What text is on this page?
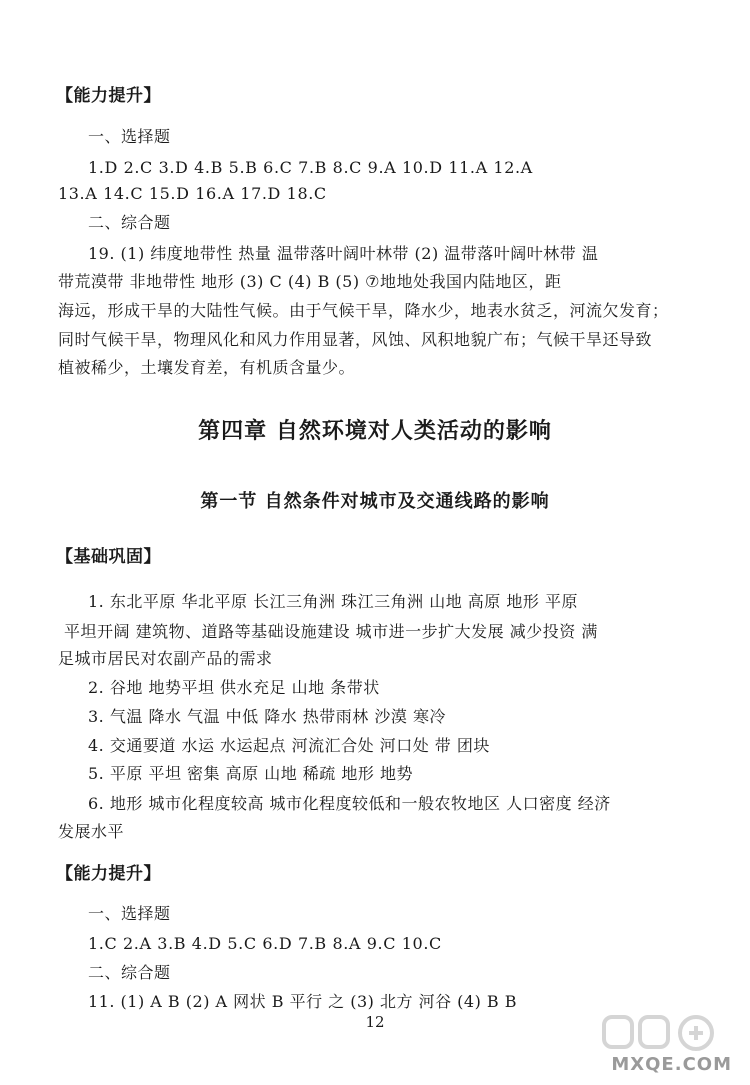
【能力提升】
一、选择题
1.D 2.C 3.D 4.B 5.B 6.C 7.B 8.C 9.A 10.D 11.A 12.A
13.A 14.C 15.D 16.A 17.D 18.C
二、综合题
19. (1) 纬度地带性 热量 温带落叶阔叶林带 (2) 温带落叶阔叶林带 温
带荒漠带 非地带性 地形 (3) C (4) B (5) ⑦地地处我国内陆地区，距
海远，形成干旱的大陆性气候。由于气候干旱，降水少，地表水贫乏，河流欠发育；
同时气候干旱，物理风化和风力作用显著，风蚀、风积地貌广布；气候干旱还导致
植被稀少，土壤发育差，有机质含量少。
第四章 自然环境对人类活动的影响
第一节 自然条件对城市及交通线路的影响
【基础巩固】
1. 东北平原 华北平原 长江三角洲 珠江三角洲 山地 高原 地形 平原
平坦开阔 建筑物、道路等基础设施建设 城市进一步扩大发展 减少投资 满
足城市居民对农副产品的需求
2. 谷地 地势平坦 供水充足 山地 条带状
3. 气温 降水 气温 中低 降水 热带雨林 沙漠 寒冷
4. 交通要道 水运 水运起点 河流汇合处 河口处 带 团块
5. 平原 平坦 密集 高原 山地 稀疏 地形 地势
6. 地形 城市化程度较高 城市化程度较低和一般农牧地区 人口密度 经济
发展水平
【能力提升】
一、选择题
1.C 2.A 3.B 4.D 5.C 6.D 7.B 8.A 9.C 10.C
二、综合题
11. (1) A B (2) A 网状 B 平行 之 (3) 北方 河谷 (4) B B
12
MXQE.COM
